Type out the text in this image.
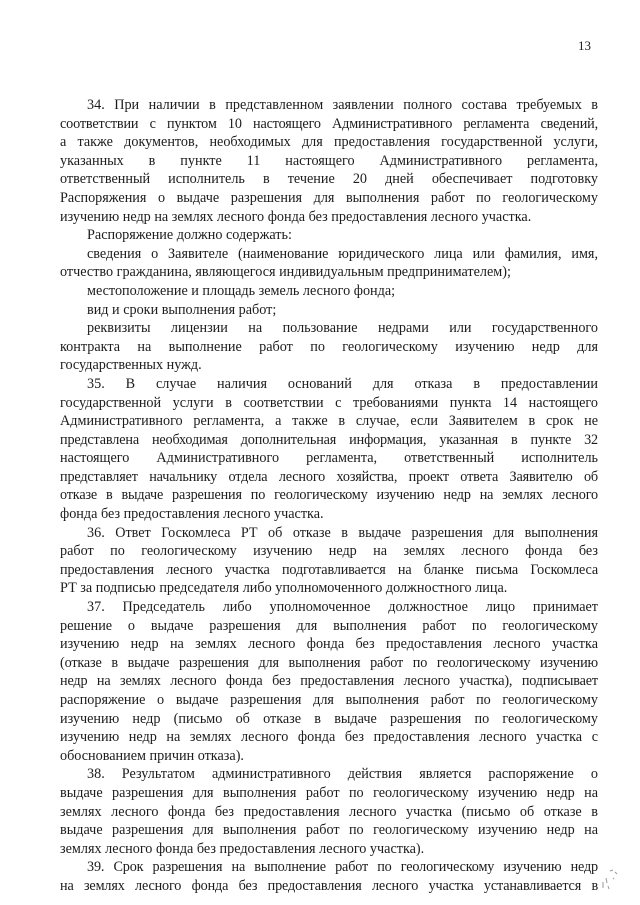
13
34. При наличии в представленном заявлении полного состава требуемых в
соответствии с пунктом 10 настоящего Административного регламента сведений,
а также документов, необходимых для предоставления государственной услуги,
указанных в пункте 11 настоящего Административного регламента,
ответственный исполнитель в течение 20 дней обеспечивает подготовку
Распоряжения о выдаче разрешения для выполнения работ по геологическому
изучению недр на землях лесного фонда без предоставления лесного участка.
Распоряжение должно содержать:
сведения о Заявителе (наименование юридического лица или фамилия, имя,
отчество гражданина, являющегося индивидуальным предпринимателем);
местоположение и площадь земель лесного фонда;
вид и сроки выполнения работ;
реквизиты лицензии на пользование недрами или государственного
контракта на выполнение работ по геологическому изучению недр для
государственных нужд.
35. В случае наличия оснований для отказа в предоставлении
государственной услуги в соответствии с требованиями пункта 14 настоящего
Административного регламента, а также в случае, если Заявителем в срок не
представлена необходимая дополнительная информация, указанная в пункте 32
настоящего Административного регламента, ответственный исполнитель
представляет начальнику отдела лесного хозяйства, проект ответа Заявителю об
отказе в выдаче разрешения по геологическому изучению недр на землях лесного
фонда без предоставления лесного участка.
36. Ответ Госкомлеса РТ об отказе в выдаче разрешения для выполнения
работ по геологическому изучению недр на землях лесного фонда без
предоставления лесного участка подготавливается на бланке письма Госкомлеса
РТ за подписью председателя либо уполномоченного должностного лица.
37. Председатель либо уполномоченное должностное лицо принимает
решение о выдаче разрешения для выполнения работ по геологическому
изучению недр на землях лесного фонда без предоставления лесного участка
(отказе в выдаче разрешения для выполнения работ по геологическому изучению
недр на землях лесного фонда без предоставления лесного участка), подписывает
распоряжение о выдаче разрешения для выполнения работ по геологическому
изучению недр (письмо об отказе в выдаче разрешения по геологическому
изучению недр на землях лесного фонда без предоставления лесного участка с
обоснованием причин отказа).
38. Результатом административного действия является распоряжение о
выдаче разрешения для выполнения работ по геологическому изучению недр на
землях лесного фонда без предоставления лесного участка (письмо об отказе в
выдаче разрешения для выполнения работ по геологическому изучению недр на
землях лесного фонда без предоставления лесного участка).
39. Срок разрешения на выполнение работ по геологическому изучению недр
на землях лесного фонда без предоставления лесного участка устанавливается в
